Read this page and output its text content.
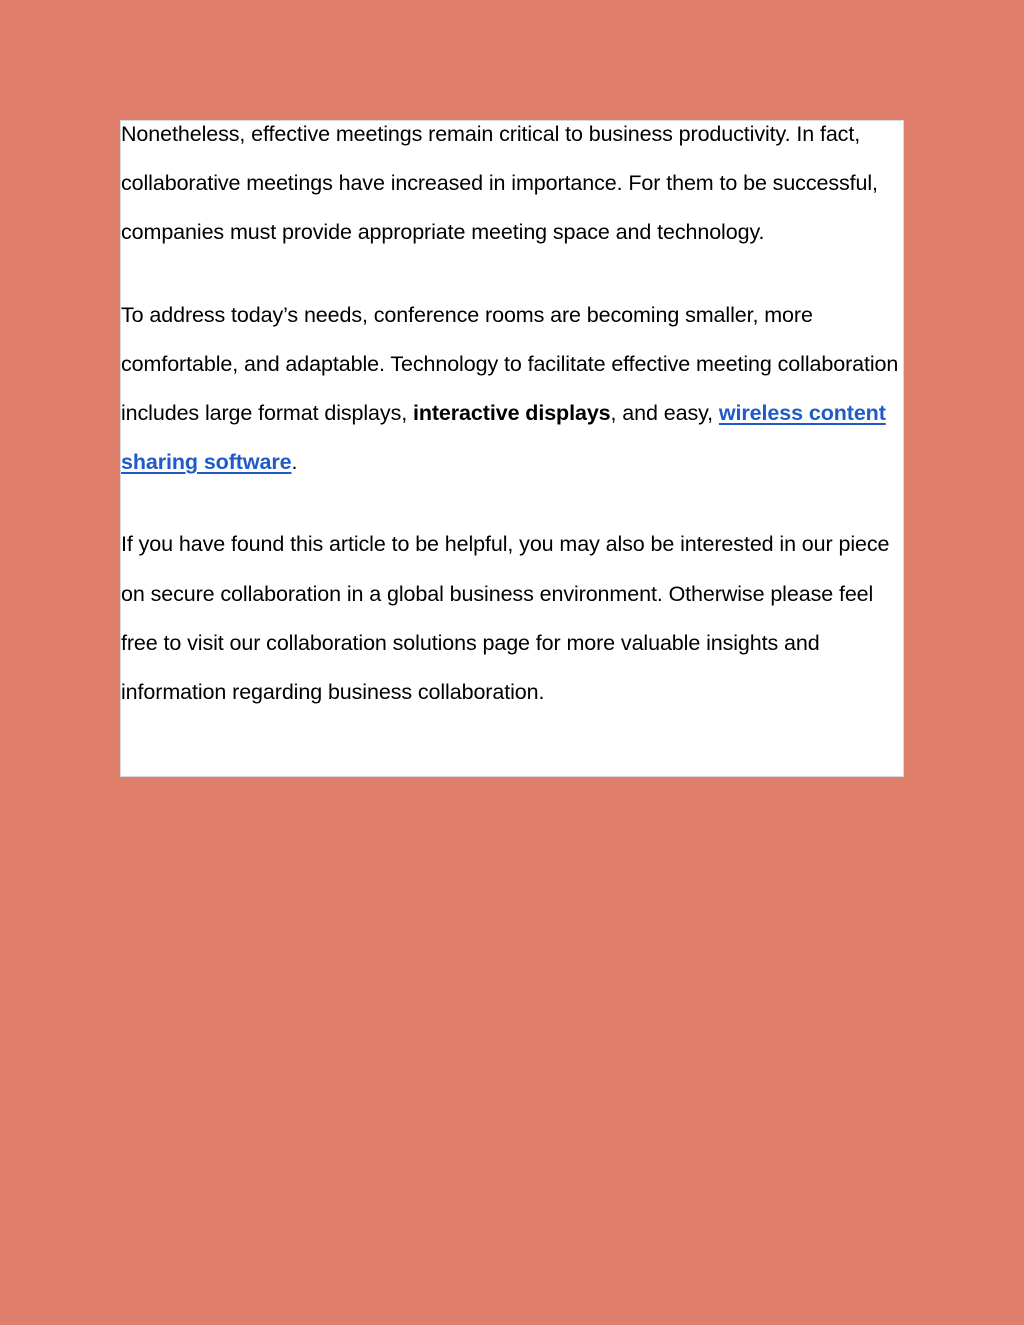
Nonetheless, effective meetings remain critical to business productivity. In fact, collaborative meetings have increased in importance. For them to be successful, companies must provide appropriate meeting space and technology.

To address today’s needs, conference rooms are becoming smaller, more comfortable, and adaptable. Technology to facilitate effective meeting collaboration includes large format displays, interactive displays, and easy, wireless content sharing software.

If you have found this article to be helpful, you may also be interested in our piece on secure collaboration in a global business environment. Otherwise please feel free to visit our collaboration solutions page for more valuable insights and information regarding business collaboration.
